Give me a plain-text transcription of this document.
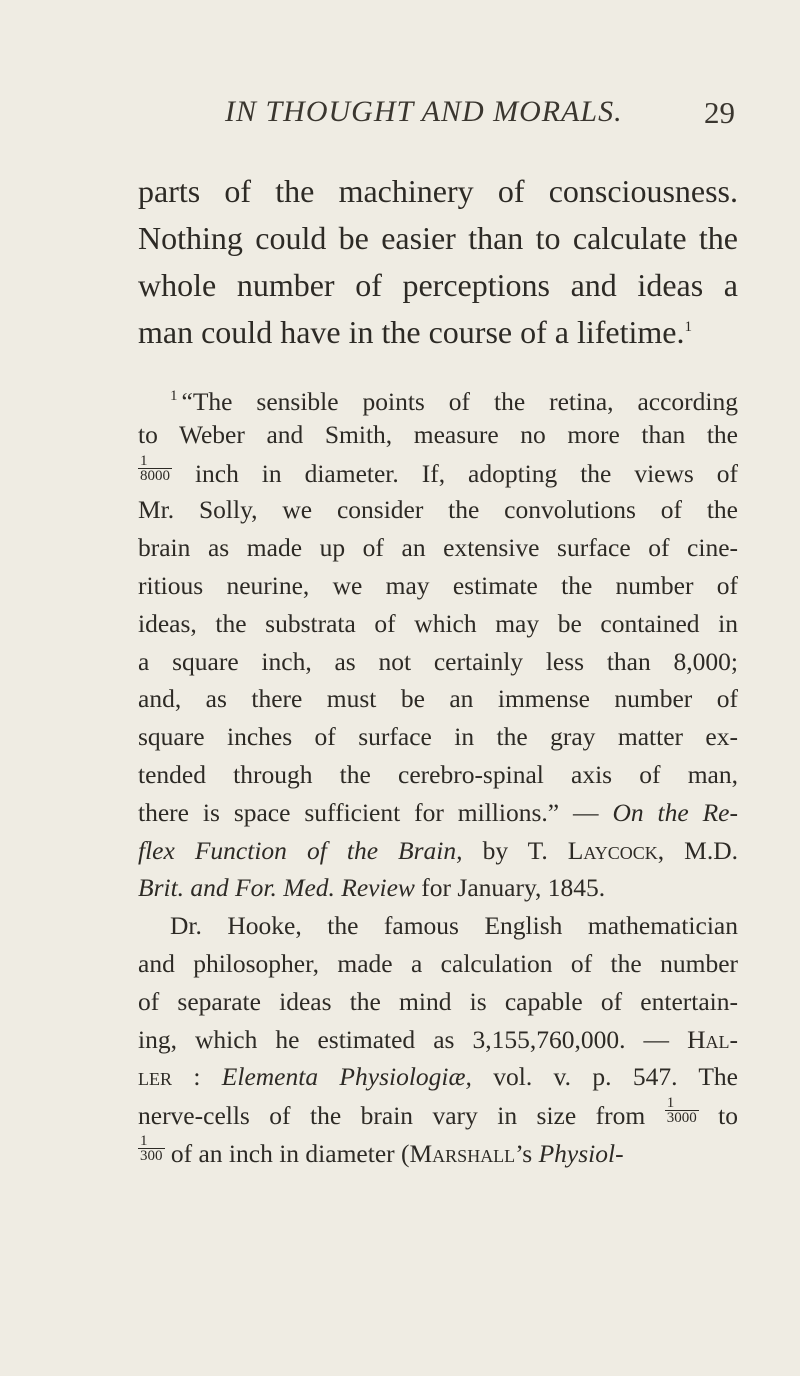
IN THOUGHT AND MORALS.	29
parts of the machinery of consciousness.
Nothing could be easier than to calculate the
whole number of perceptions and ideas a
man could have in the course of a lifetime.$^1$
$^1$ “The sensible points of the retina, according
to Weber and Smith, measure no more than the
$\frac{1}{8000}$ inch in diameter. If, adopting the views of
Mr. Solly, we consider the convolutions of the
brain as made up of an extensive surface of cine-
ritious neurine, we may estimate the number of
ideas, the substrata of which may be contained in
a square inch, as not certainly less than 8,000;
and, as there must be an immense number of
square inches of surface in the gray matter ex-
tended through the cerebro-spinal axis of man,
there is space sufficient for millions.” — On the Re-
flex Function of the Brain, by T. Laycock, M.D.
Brit. and For. Med. Review for January, 1845.
Dr. Hooke, the famous English mathematician
and philosopher, made a calculation of the number
of separate ideas the mind is capable of entertain-
ing, which he estimated as 3,155,760,000. — Hal-
ler : Elementa Physiologiæ, vol. v. p. 547. The
nerve-cells of the brain vary in size from $\frac{1}{3000}$ to
$\frac{1}{300}$ of an inch in diameter (Marshall’s Physiol-
